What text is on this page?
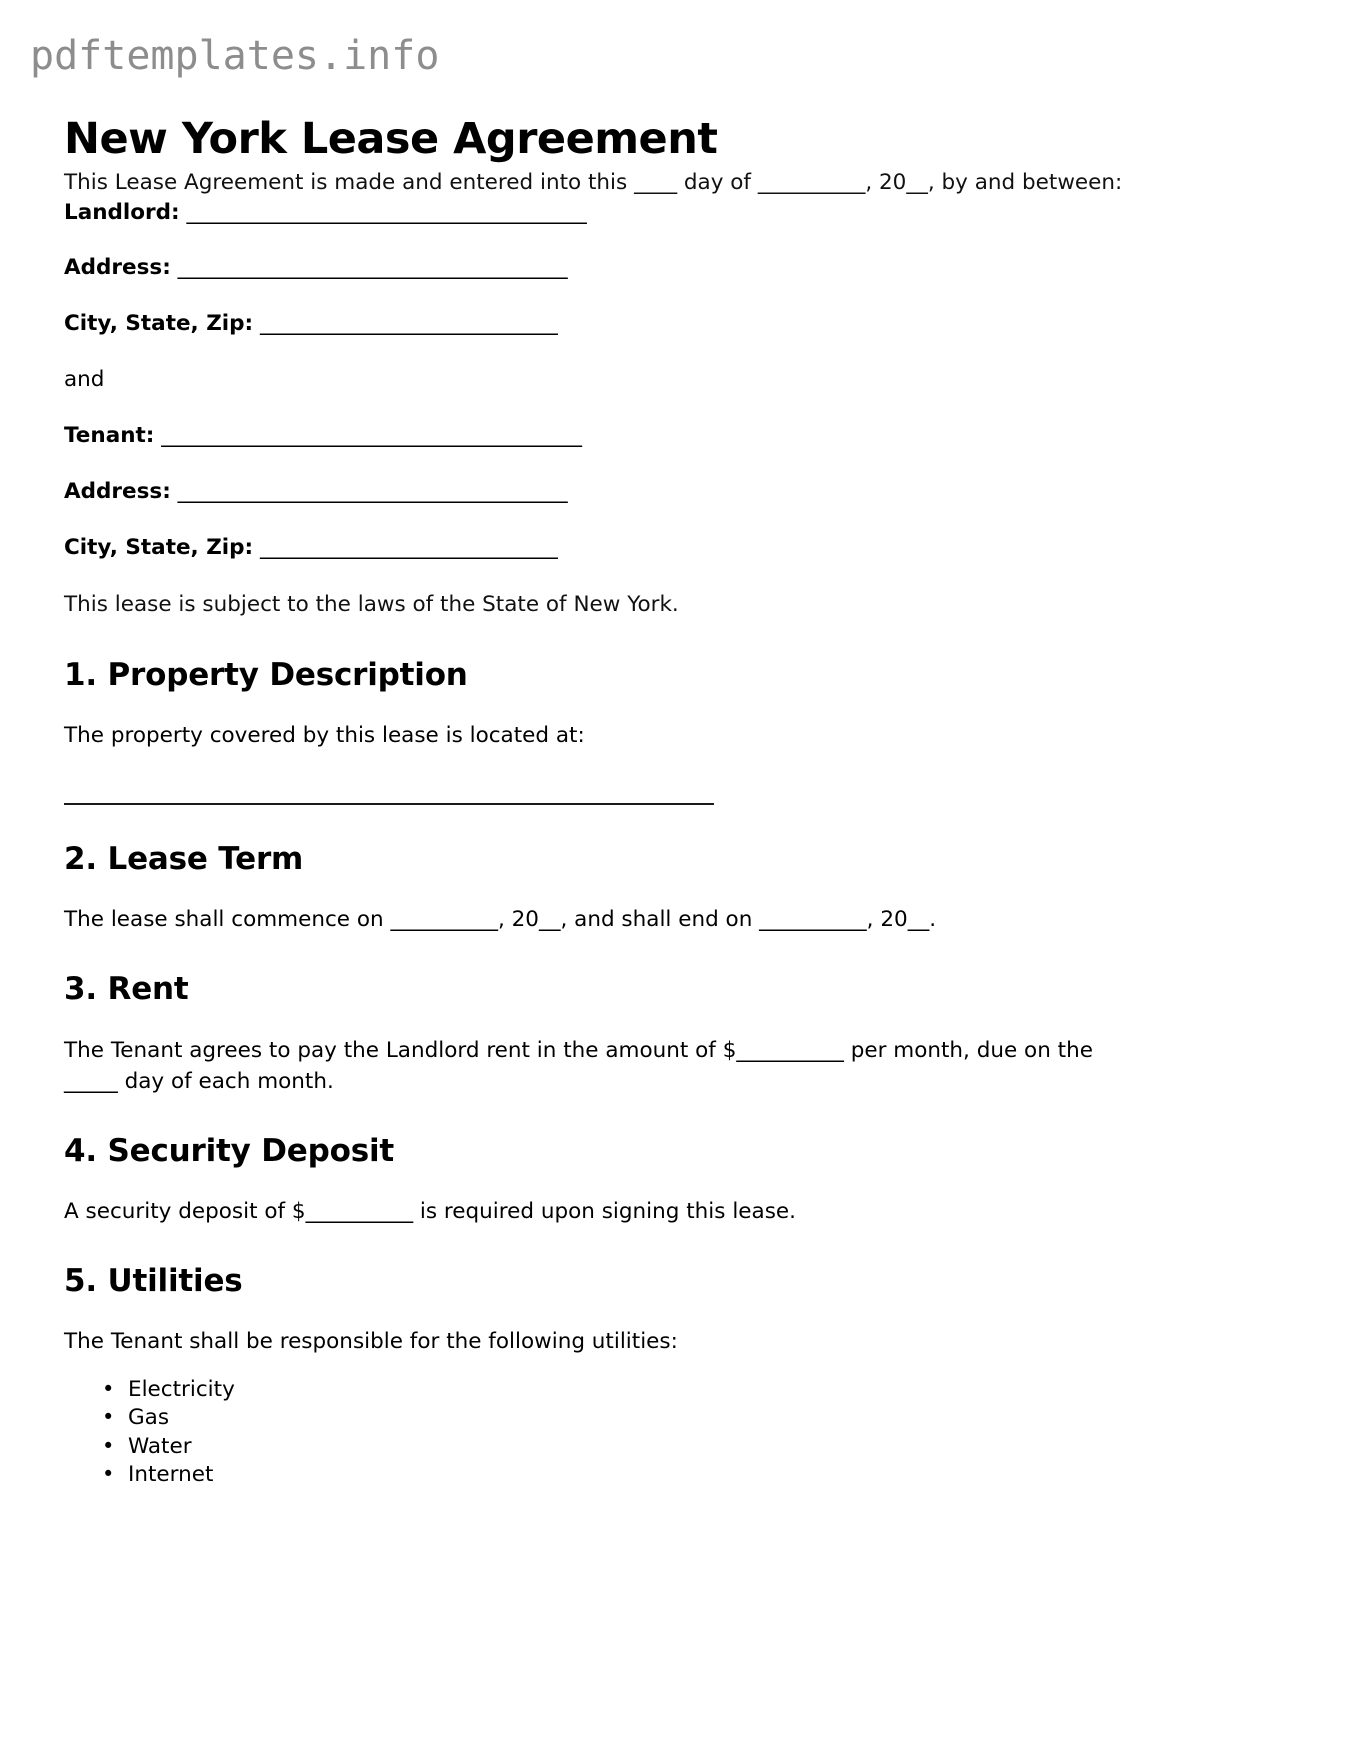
pdftemplates.info
New York Lease Agreement

This Lease Agreement is made and entered into this ____ day of __________, 20__, by and between:

Landlord: _______________________________________
Address: ______________________________________
City, State, Zip: _____________________________
and
Tenant: _________________________________________
Address: ______________________________________
City, State, Zip: _____________________________

This lease is subject to the laws of the State of New York.

1. Property Description

The property covered by this lease is located at:

2. Lease Term

The lease shall commence on __________, 20__, and shall end on __________, 20__.

3. Rent

The Tenant agrees to pay the Landlord rent in the amount of $__________ per month, due on the _____ day of each month.

4. Security Deposit

A security deposit of $__________ is required upon signing this lease.

5. Utilities

The Tenant shall be responsible for the following utilities:

• Electricity
• Gas
• Water
• Internet
